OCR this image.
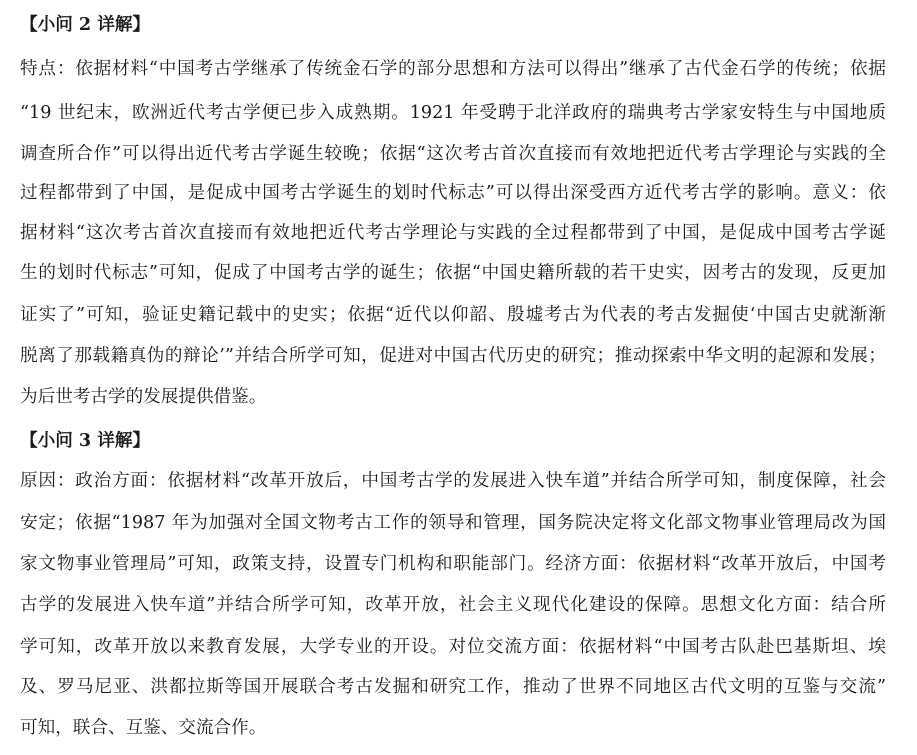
【小问 2 详解】
特点：依据材料“中国考古学继承了传统金石学的部分思想和方法可以得出”继承了古代金石学的传统；依据
“19 世纪末，欧洲近代考古学便已步入成熟期。1921 年受聘于北洋政府的瑞典考古学家安特生与中国地质
调查所合作”可以得出近代考古学诞生较晚；依据“这次考古首次直接而有效地把近代考古学理论与实践的全
过程都带到了中国，是促成中国考古学诞生的划时代标志”可以得出深受西方近代考古学的影响。意义：依
据材料“这次考古首次直接而有效地把近代考古学理论与实践的全过程都带到了中国，是促成中国考古学诞
生的划时代标志”可知，促成了中国考古学的诞生；依据“中国史籍所载的若干史实，因考古的发现，反更加
证实了”可知，验证史籍记载中的史实；依据“近代以仰韶、殷墟考古为代表的考古发掘使‘中国古史就渐渐
脱离了那载籍真伪的辩论’”并结合所学可知，促进对中国古代历史的研究；推动探索中华文明的起源和发展；
为后世考古学的发展提供借鉴。
【小问 3 详解】
原因：政治方面：依据材料“改革开放后，中国考古学的发展进入快车道”并结合所学可知，制度保障，社会
安定；依据“1987 年为加强对全国文物考古工作的领导和管理，国务院决定将文化部文物事业管理局改为国
家文物事业管理局”可知，政策支持，设置专门机构和职能部门。经济方面：依据材料“改革开放后，中国考
古学的发展进入快车道”并结合所学可知，改革开放，社会主义现代化建设的保障。思想文化方面：结合所
学可知，改革开放以来教育发展，大学专业的开设。对位交流方面：依据材料“中国考古队赴巴基斯坦、埃
及、罗马尼亚、洪都拉斯等国开展联合考古发掘和研究工作，推动了世界不同地区古代文明的互鉴与交流”
可知，联合、互鉴、交流合作。
